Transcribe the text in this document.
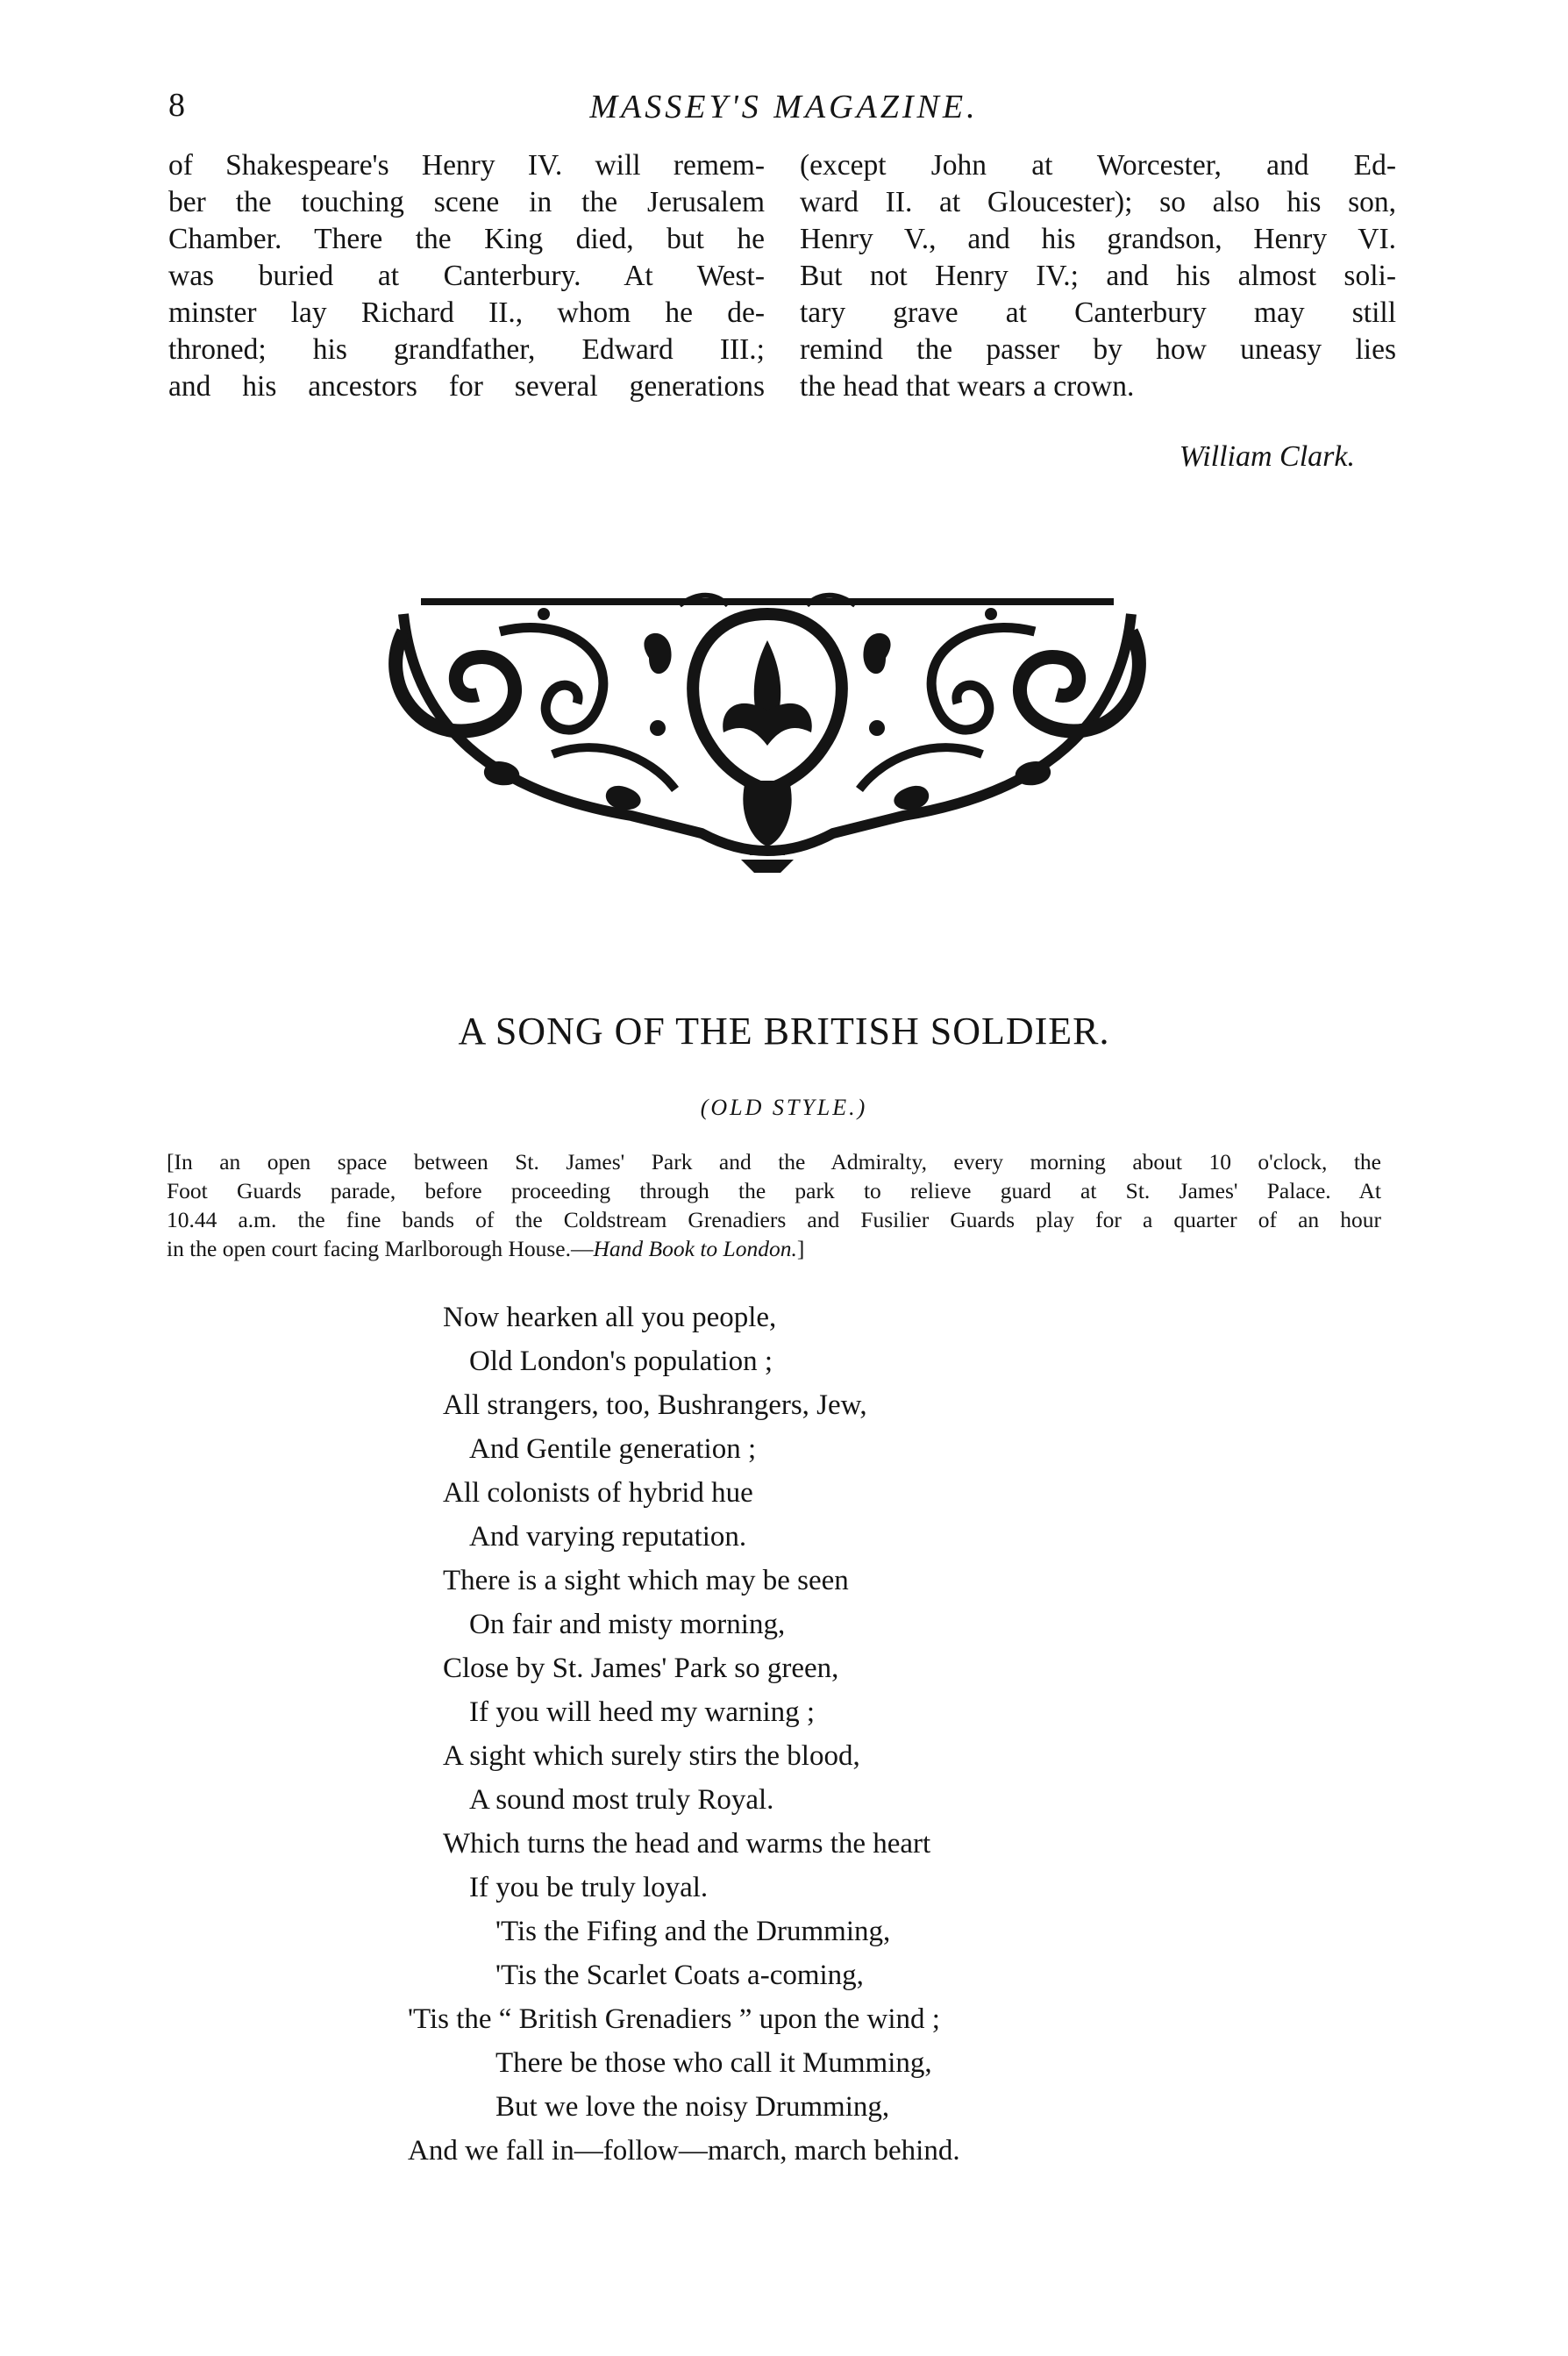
8	MASSEY'S MAGAZINE.

of Shakespeare's Henry IV. will remem-
ber the touching scene in the Jerusalem
Chamber. There the King died, but he
was buried at Canterbury. At West-
minster lay Richard II., whom he de-
throned; his grandfather, Edward III.;
and his ancestors for several generations

(except John at Worcester, and Ed-
ward II. at Gloucester); so also his son,
Henry V., and his grandson, Henry VI.
But not Henry IV.; and his almost soli-
tary grave at Canterbury may still
remind the passer by how uneasy lies
the head that wears a crown.

William Clark.
A SONG OF THE BRITISH SOLDIER.
(OLD STYLE.)
[In an open space between St. James' Park and the Admiralty, every morning about 10 o'clock, the
Foot Guards parade, before proceeding through the park to relieve guard at St. James' Palace. At
10.44 a.m. the fine bands of the Coldstream Grenadiers and Fusilier Guards play for a quarter of an hour
in the open court facing Marlborough House.—Hand Book to London.]
Now hearken all you people,
Old London's population ;
All strangers, too, Bushrangers, Jew,
And Gentile generation ;
All colonists of hybrid hue
And varying reputation.
There is a sight which may be seen
On fair and misty morning,
Close by St. James' Park so green,
If you will heed my warning ;
A sight which surely stirs the blood,
A sound most truly Royal.
Which turns the head and warms the heart
If you be truly loyal.
'Tis the Fifing and the Drumming,
'Tis the Scarlet Coats a-coming,
'Tis the “ British Grenadiers ” upon the wind ;
There be those who call it Mumming,
But we love the noisy Drumming,
And we fall in—follow—march, march behind.
